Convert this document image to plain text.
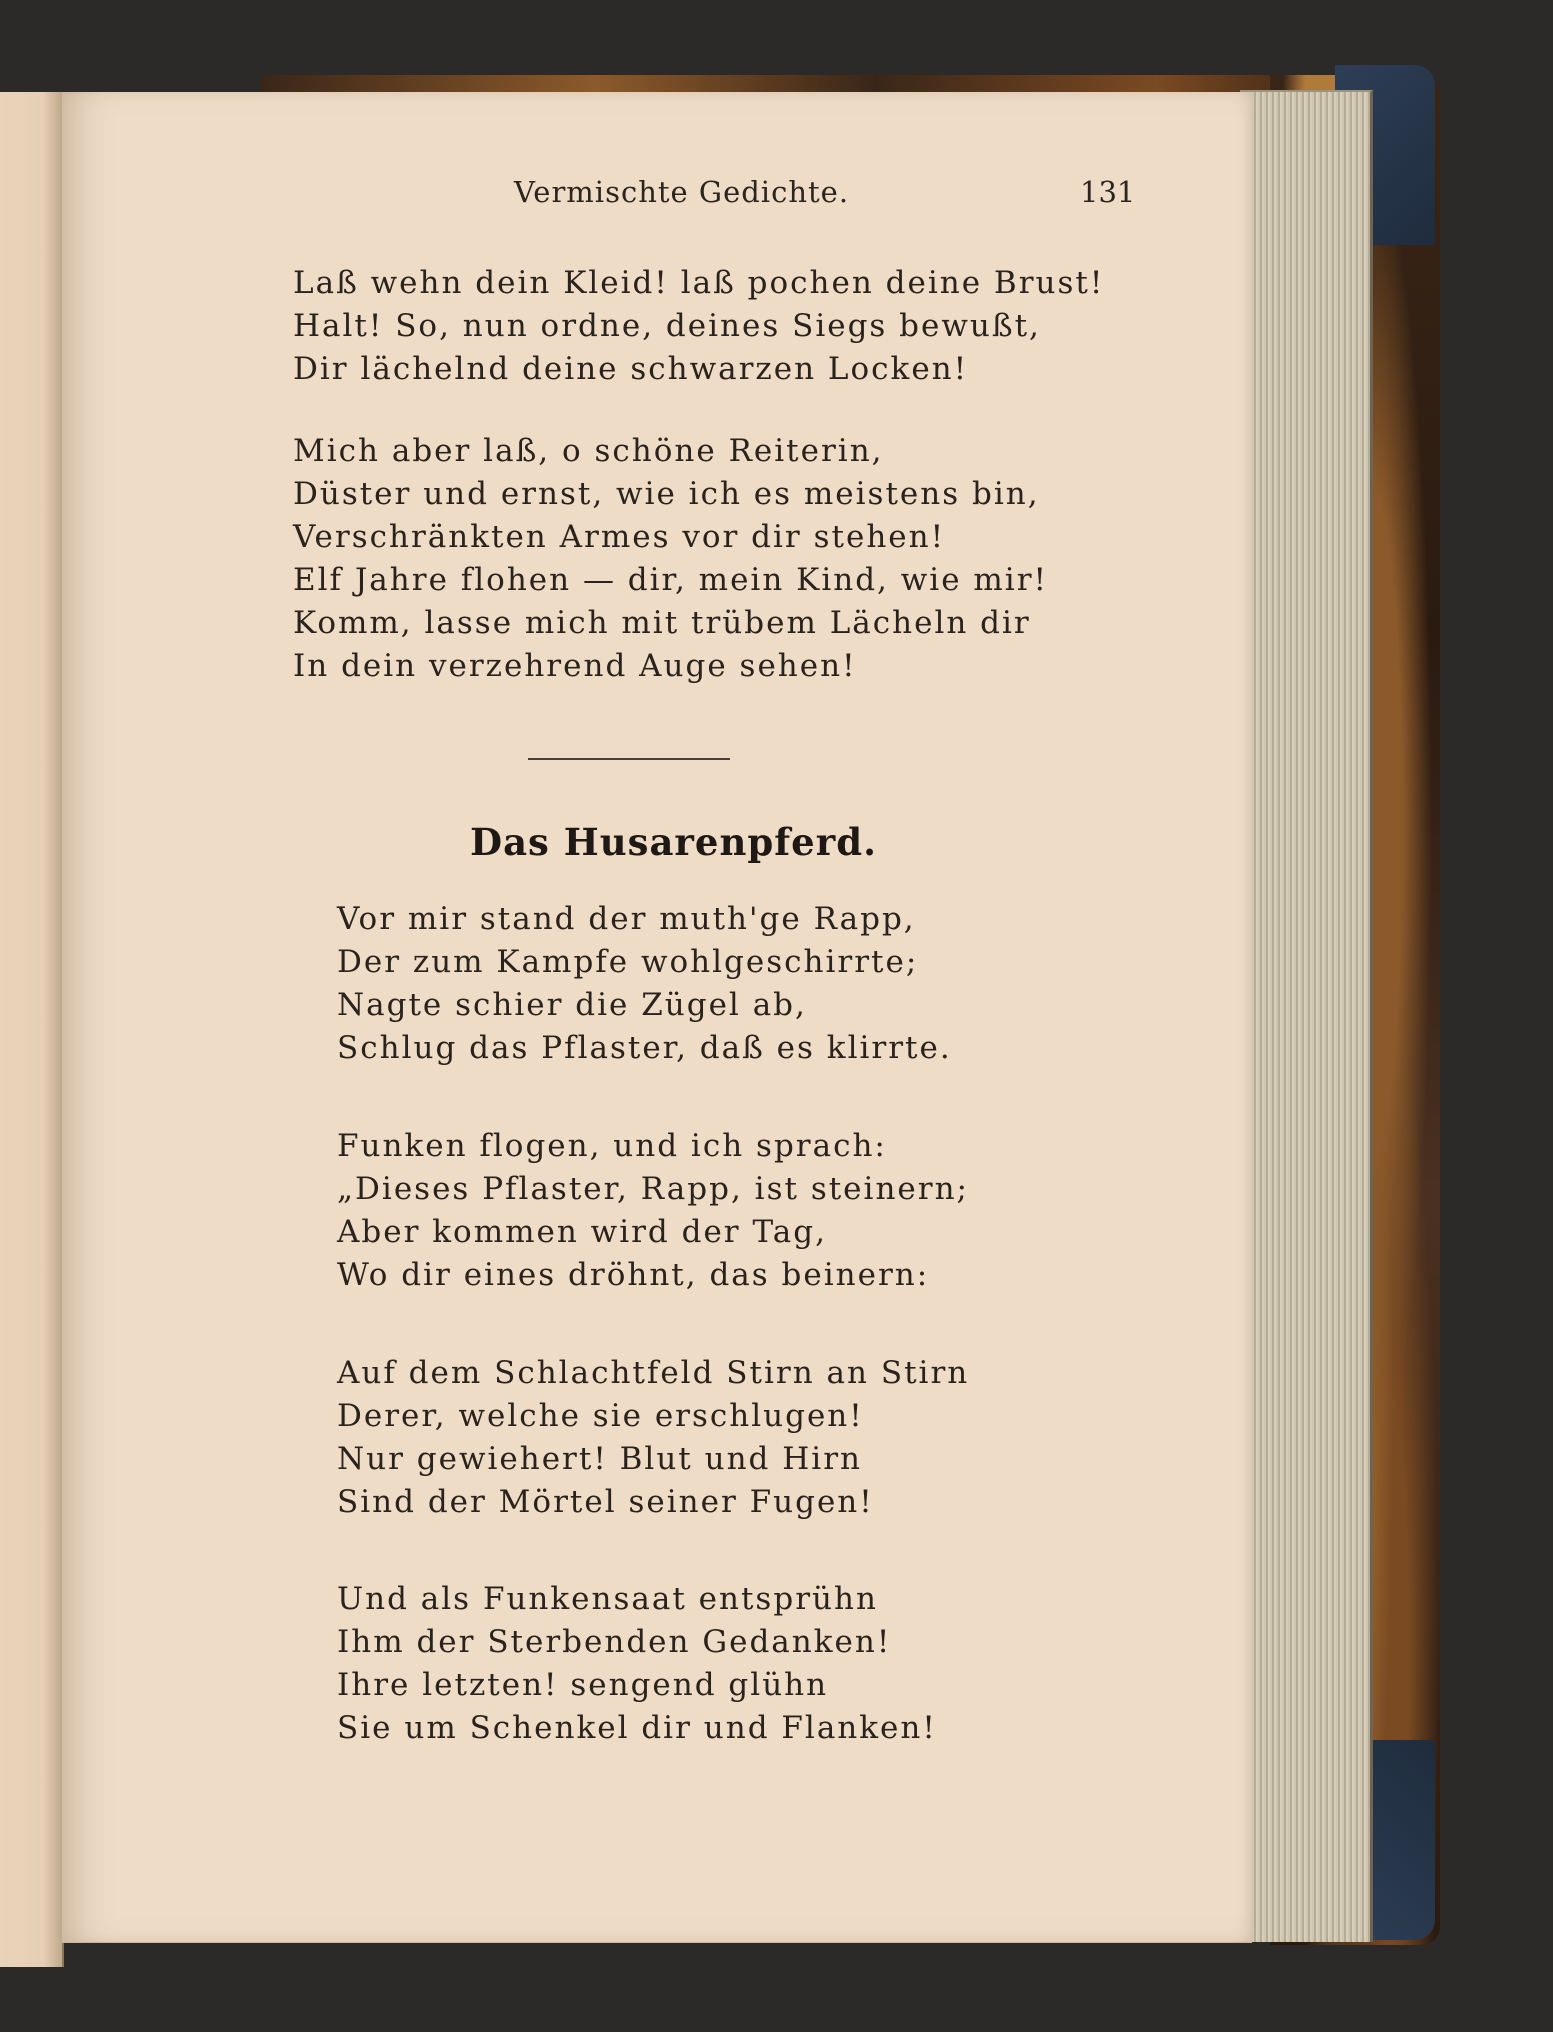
Vermischte Gedichte.	131
Laß wehn dein Kleid! laß pochen deine Brust!
Halt! So, nun ordne, deines Siegs bewußt,
Dir lächelnd deine schwarzen Locken!
Mich aber laß, o schöne Reiterin,
Düster und ernst, wie ich es meistens bin,
Verschränkten Armes vor dir stehen!
Elf Jahre flohen — dir, mein Kind, wie mir!
Komm, lasse mich mit trübem Lächeln dir
In dein verzehrend Auge sehen!
Das Husarenpferd.
Vor mir stand der muth'ge Rapp,
Der zum Kampfe wohlgeschirrte;
Nagte schier die Zügel ab,
Schlug das Pflaster, daß es klirrte.
Funken flogen, und ich sprach:
„Dieses Pflaster, Rapp, ist steinern;
Aber kommen wird der Tag,
Wo dir eines dröhnt, das beinern:
Auf dem Schlachtfeld Stirn an Stirn
Derer, welche sie erschlugen!
Nur gewiehert! Blut und Hirn
Sind der Mörtel seiner Fugen!
Und als Funkensaat entsprühn
Ihm der Sterbenden Gedanken!
Ihre letzten! sengend glühn
Sie um Schenkel dir und Flanken!
